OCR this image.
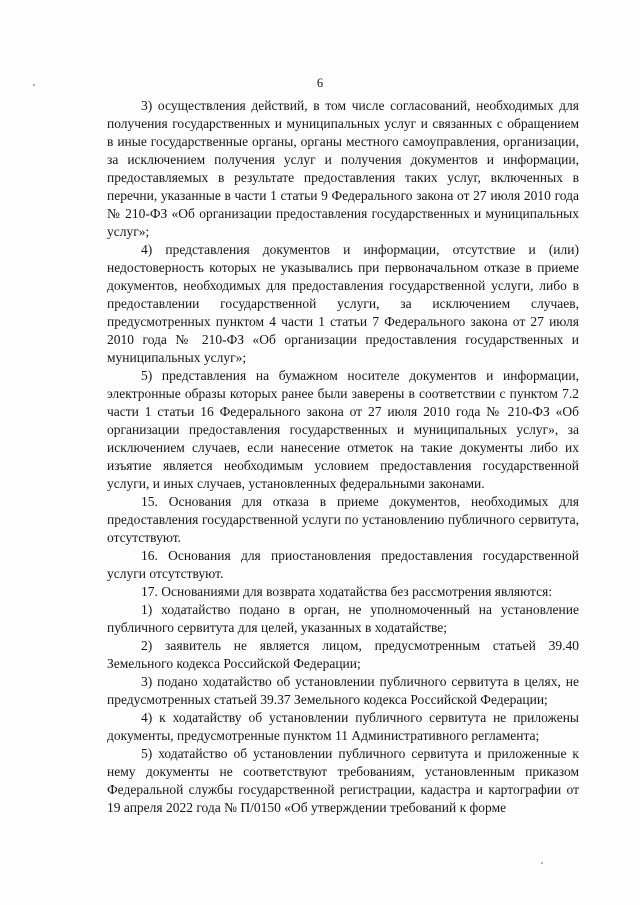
6

3) осуществления действий, в том числе согласований, необходимых для получения государственных и муниципальных услуг и связанных с обращением в иные государственные органы, органы местного самоуправления, организации, за исключением получения услуг и получения документов и информации, предоставляемых в результате предоставления таких услуг, включенных в перечни, указанные в части 1 статьи 9 Федерального закона от 27 июля 2010 года № 210-ФЗ «Об организации предоставления государственных и муниципальных услуг»;

4) представления документов и информации, отсутствие и (или) недостоверность которых не указывались при первоначальном отказе в приеме документов, необходимых для предоставления государственной услуги, либо в предоставлении государственной услуги, за исключением случаев, предусмотренных пунктом 4 части 1 статьи 7 Федерального закона от 27 июля 2010 года № 210-ФЗ «Об организации предоставления государственных и муниципальных услуг»;

5) представления на бумажном носителе документов и информации, электронные образы которых ранее были заверены в соответствии с пунктом 7.2 части 1 статьи 16 Федерального закона от 27 июля 2010 года № 210-ФЗ «Об организации предоставления государственных и муниципальных услуг», за исключением случаев, если нанесение отметок на такие документы либо их изъятие является необходимым условием предоставления государственной услуги, и иных случаев, установленных федеральными законами.

15. Основания для отказа в приеме документов, необходимых для предоставления государственной услуги по установлению публичного сервитута, отсутствуют.

16. Основания для приостановления предоставления государственной услуги отсутствуют.

17. Основаниями для возврата ходатайства без рассмотрения являются:

1) ходатайство подано в орган, не уполномоченный на установление публичного сервитута для целей, указанных в ходатайстве;

2) заявитель не является лицом, предусмотренным статьей 39.40 Земельного кодекса Российской Федерации;

3) подано ходатайство об установлении публичного сервитута в целях, не предусмотренных статьей 39.37 Земельного кодекса Российской Федерации;

4) к ходатайству об установлении публичного сервитута не приложены документы, предусмотренные пунктом 11 Административного регламента;

5) ходатайство об установлении публичного сервитута и приложенные к нему документы не соответствуют требованиям, установленным приказом Федеральной службы государственной регистрации, кадастра и картографии от 19 апреля 2022 года № П/0150 «Об утверждении требований к форме
